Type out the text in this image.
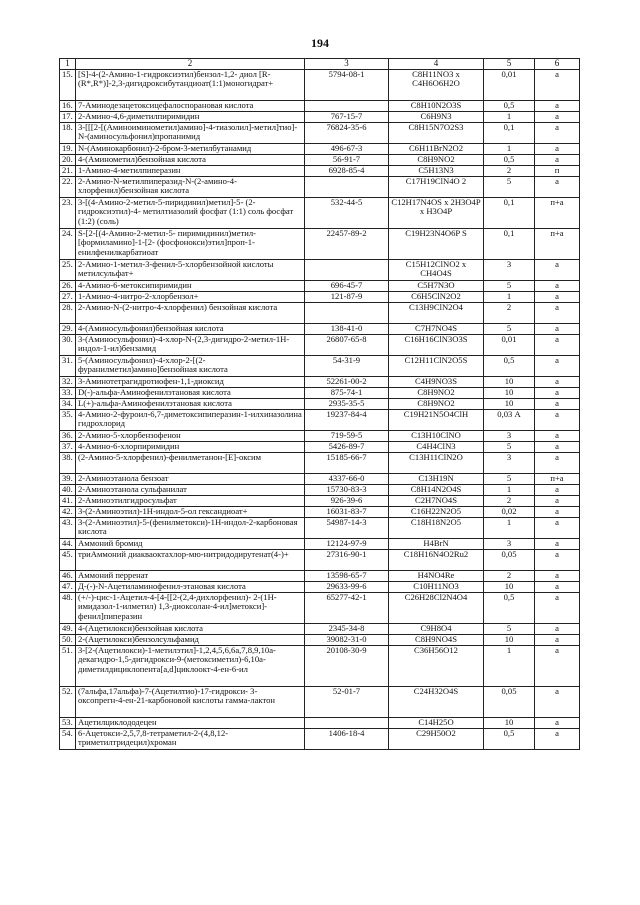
194
1	2	3	4	5	6
15.	[S]-4-(2-Амино-1-гидроксиэтил)бензол-1,2- диол [R-(R*,R*)]-2,3-дигидроксибутандиоат(1:1)моногидрат+	5794-08-1	C8H11NO3 x C4H6O6H2O	0,01	a
16.	7-Аминодезацетоксицефалоспорановая кислота		C8H10N2O3S	0,5	a
17.	2-Амино-4,6-диметилпиримидин	767-15-7	C6H9N3	1	a
18.	3-[[[2-[(Аминоиминометил)амино]-4-тиазолил]-метил]тио]-N-(аминосульфонил)пропанимид	76824-35-6	C8H15N7O2S3	0,1	a
19.	N-(Аминокарбонил)-2-бром-3-метилбутанамид	496-67-3	C6H11BrN2O2	1	a
20.	4-(Аминометил)бензойная кислота	56-91-7	C8H9NO2	0,5	a
21.	1-Амино-4-метилпиперазин	6928-85-4	C5H13N3	2	п
22.	2-Амино-N-метилпиперазид-N-(2-амино-4-хлорфенил)бензойная кислота		C17H19ClN4O 2	5	a
23.	3-[(4-Амино-2-метил-5-пиридинил)метил]-5- (2-гидроксиэтил)-4- метилтиазолий фосфат (1:1) соль фосфат (1:2) (соль)	532-44-5	C12H17N4OS x 2H3O4P x H3O4P	0,1	п+а
24.	S-[2-[(4-Амино-2-метил-5- пиримидинил)метил-[формиламино]-1-[2- (фосфонокси)этил]проп-1-енилфенилкарбатиоат	22457-89-2	C19H23N4O6P S	0,1	п+а
25.	2-Амино-1-метил-3-фенил-5-хлорбензойной кислоты метилсульфат+		C15H12ClNO2 x CH4O4S	3	a
26.	4-Амино-6-метоксипиримидин	696-45-7	C5H7N3O	5	a
27.	1-Амино-4-нитро-2-хлорбензол+	121-87-9	C6H5ClN2O2	1	a
28.	2-Амино-N-(2-нитро-4-хлорфенил) бензойная кислота		C13H9ClN2O4	2	a
29.	4-(Аминосульфонил)бензойная кислота	138-41-0	C7H7NO4S	5	a
30.	3-(Аминосульфонил)-4-хлор-N-(2,3-дигидро-2-метил-1Н-индол-1-ил)бензамид	26807-65-8	C16H16ClN3O3S	0,01	a
31.	5-(Аминосульфонил)-4-хлор-2-[(2-фуранилметил)амино]бензойная кислота	54-31-9	C12H11ClN2O5S	0,5	a
32.	3-Аминотетрагидротиофен-1,1-диоксид	52261-00-2	C4H9NO3S	10	a
33.	D(-)-альфа-Аминофенилэтановая кислота	875-74-1	C8H9NO2	10	a
34.	L(+)-альфа-Аминофенилэтановая кислота	2935-35-5	C8H9NO2	10	a
35.	4-Амино-2-фуроил-6,7-диметоксипиперазин-1-илхиназолина гидрохлорид	19237-84-4	C19H21N5O4ClH	0,03 А	a
36.	2-Амино-5-хлорбензофенон	719-59-5	C13H10ClNO	3	a
37.	4-Амино-6-хлорпиримидин	5426-89-7	C4H4ClN3	5	a
38.	(2-Амино-5-хлорфенил)-фенилметанон-[Е]-оксим	15185-66-7	C13H11ClN2O	3	a
39.	2-Аминоэтанола бензоат	4337-66-0	C13H19N	5	п+а
40.	2-Аминоэтанола сульфанилат	15730-83-3	C8H14N2O4S	1	a
41.	2-Аминоэтилгидросульфат	926-39-6	C2H7NO4S	2	a
42.	3-(2-Аминоэтил)-1Н-индол-5-ол гександиоат+	16031-83-7	C16H22N2O5	0,02	a
43.	3-(2-Аминоэтил)-5-(фенилметокси)-1Н-индол-2-карбоновая кислота	54987-14-3	C18H18N2O5	1	a
44.	Аммоний бромид	12124-97-9	H4BrN	3	a
45.	триАммоний диакваоктахлор-мю-нитридодирутенат(4-)+	27316-90-1	C18H16N4O2Ru2	0,05	a
46.	Аммоний перренат	13598-65-7	H4NO4Re	2	a
47.	Д-(-)-N-Ацетиламинофенил-этановая кислота	29633-99-6	C10H11NO3	10	a
48.	(+/-)-цис-1-Ацетил-4-[4-[[2-(2,4-дихлорфенил)- 2-(1Н-имидазол-1-илметил) 1,3-диоксолан-4-ил]метокси]-фенил]пиперазин	65277-42-1	C26H28Cl2N4O4	0,5	a
49.	4-(Ацетилокси)бензойная кислота	2345-34-8	C9H8O4	5	a
50.	2-(Ацетилокси)бензолсульфамид	39082-31-0	C8H9NO4S	10	a
51.	3-[2-(Ацетилокси)-1-метилэтил]-1,2,4,5,6,6а,7,8,9,10а-декагидро-1,5-дигидрокси-9-(метоксиметил)-6,10а-диметилдициклопента[a,d]циклоокт-4-ен-6-ил	20108-30-9	C36H56O12	1	a
52.	(7альфа,17альфа)-7-(Ацетилтио)-17-гидрокси- 3-оксопрегн-4-ен-21-карбоновой кислоты гамма-лактон	52-01-7	C24H32O4S	0,05	a
53.	Ацетилциклододецен		C14H25O	10	a
54.	6-Ацетокси-2,5,7,8-тетраметил-2-(4,8,12-триметилтридецил)хроман	1406-18-4	C29H50O2	0,5	a
